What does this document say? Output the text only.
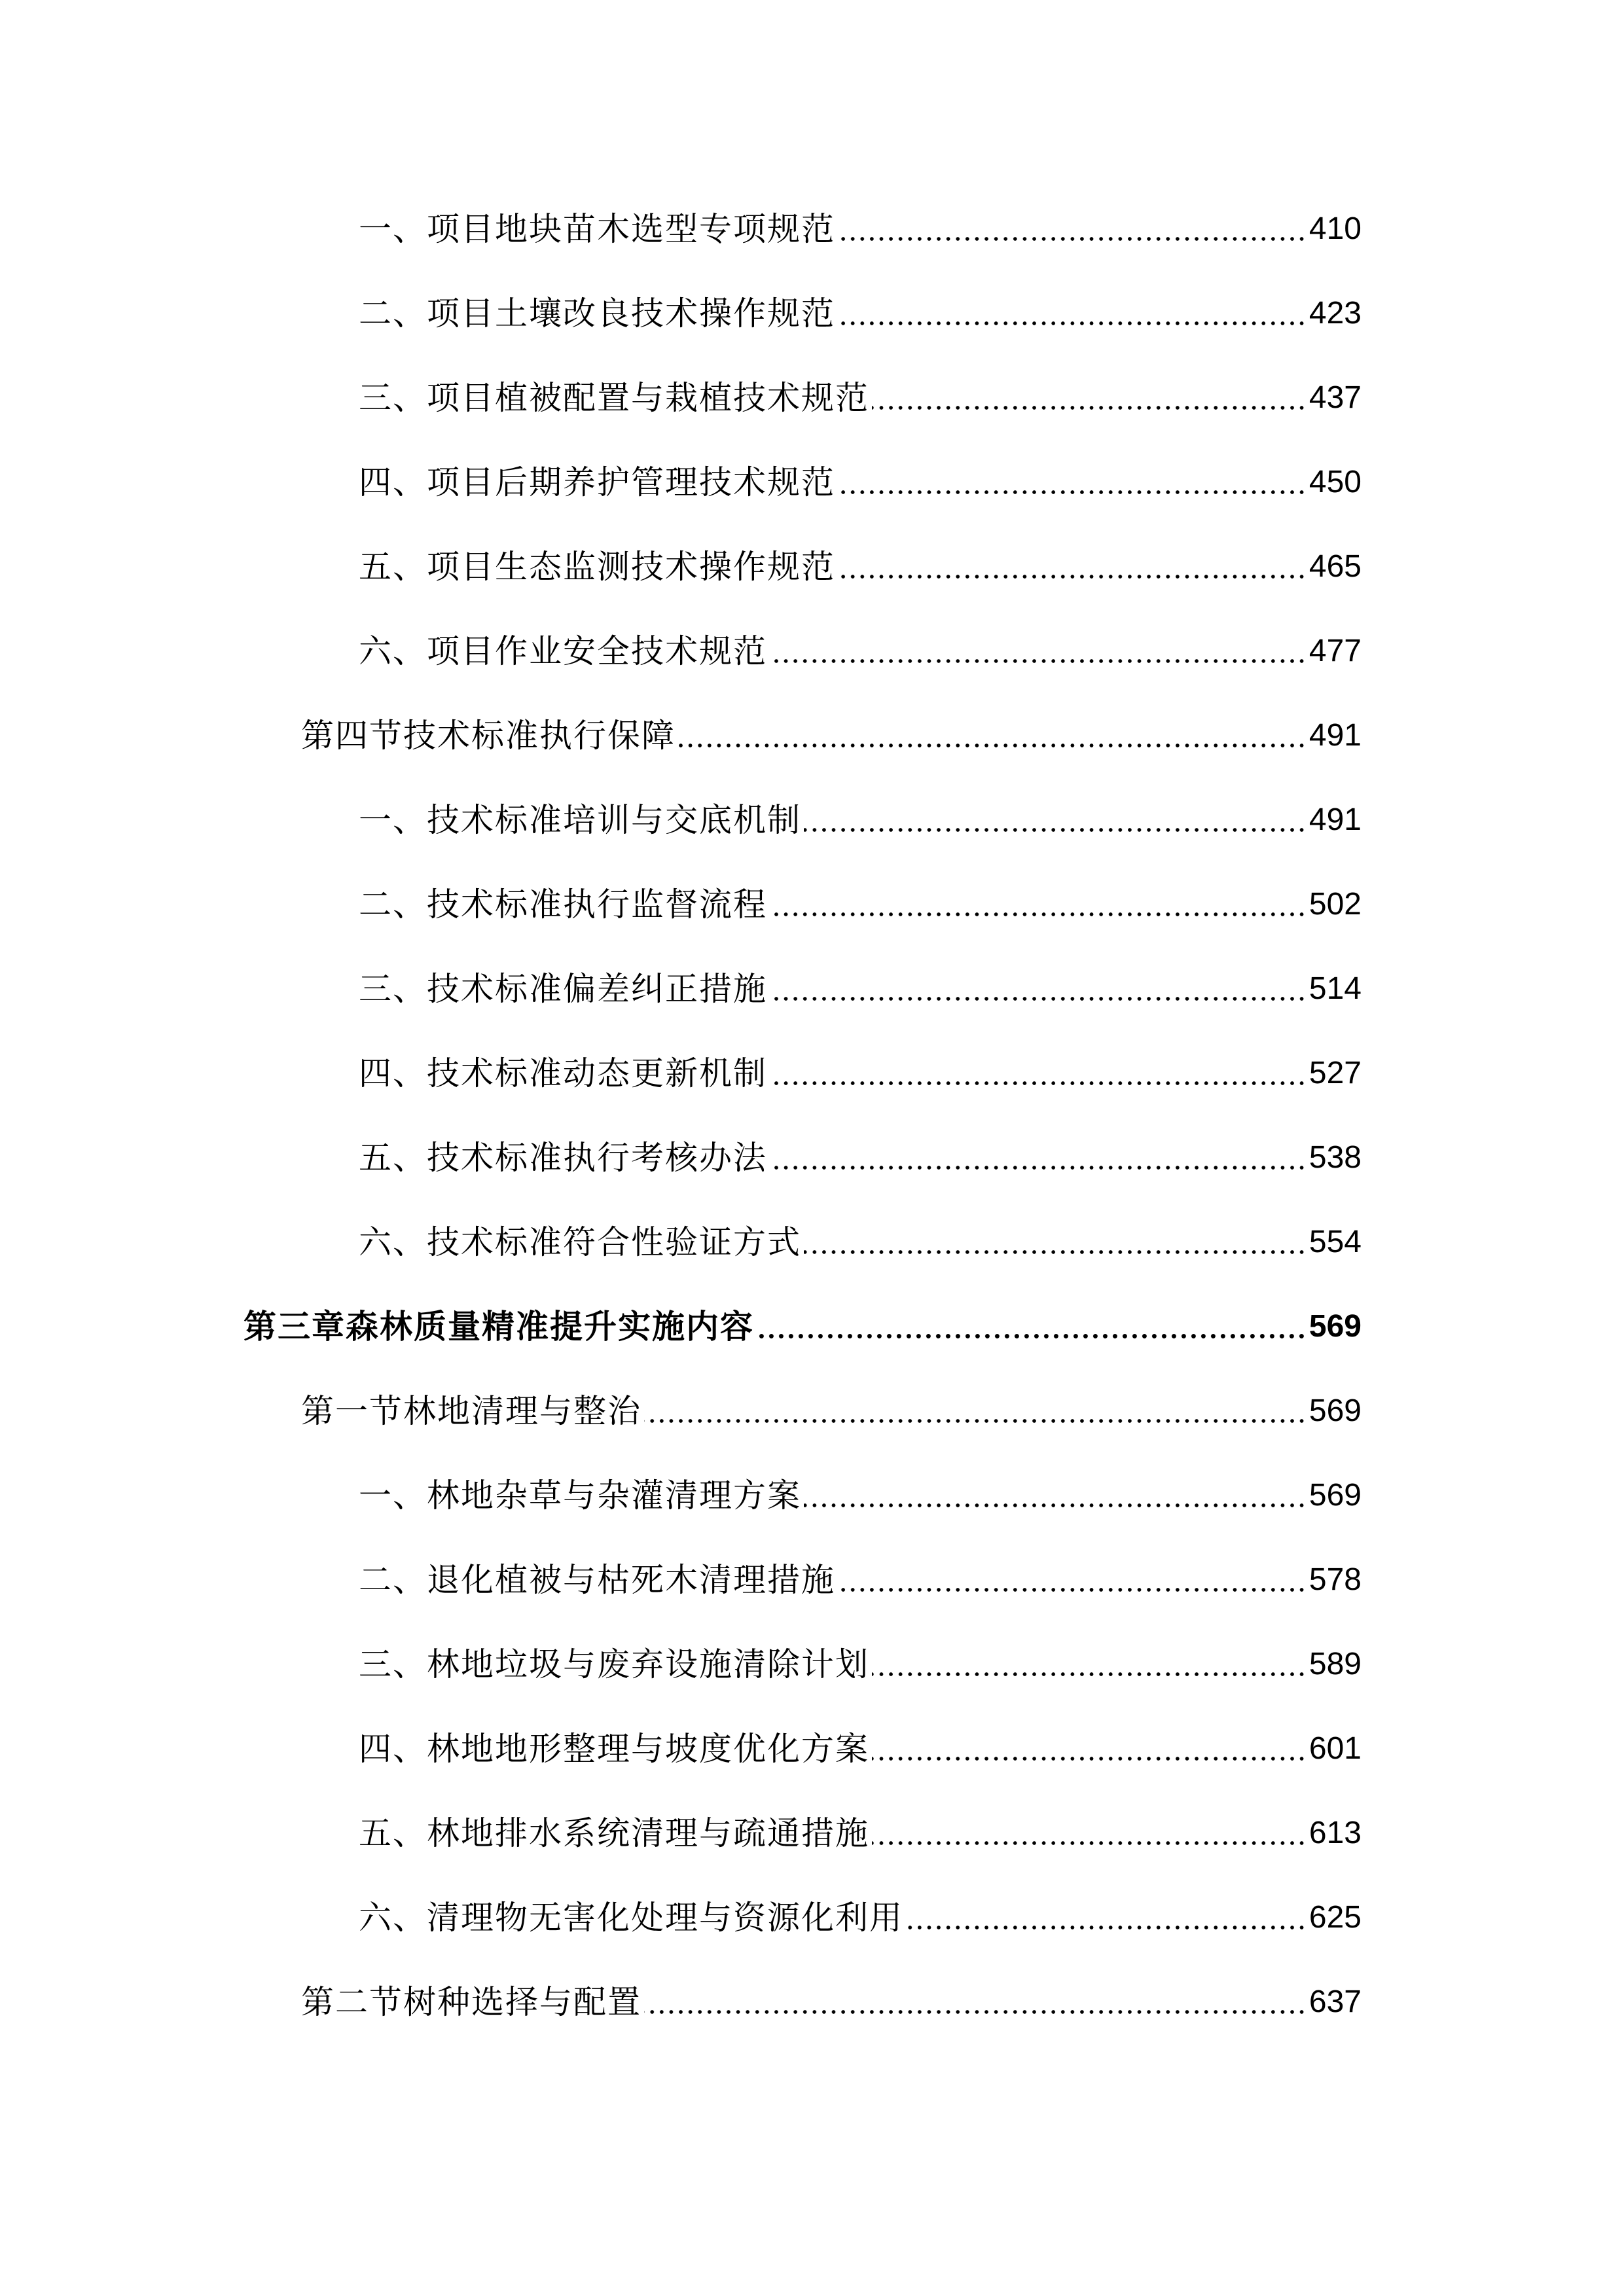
一、项目地块苗木选型专项规范	410
二、项目土壤改良技术操作规范	423
三、项目植被配置与栽植技术规范	437
四、项目后期养护管理技术规范	450
五、项目生态监测技术操作规范	465
六、项目作业安全技术规范	477
第四节技术标准执行保障	491
一、技术标准培训与交底机制	491
二、技术标准执行监督流程	502
三、技术标准偏差纠正措施	514
四、技术标准动态更新机制	527
五、技术标准执行考核办法	538
六、技术标准符合性验证方式	554
第三章森林质量精准提升实施内容	569
第一节林地清理与整治	569
一、林地杂草与杂灌清理方案	569
二、退化植被与枯死木清理措施	578
三、林地垃圾与废弃设施清除计划	589
四、林地地形整理与坡度优化方案	601
五、林地排水系统清理与疏通措施	613
六、清理物无害化处理与资源化利用	625
第二节树种选择与配置	637
